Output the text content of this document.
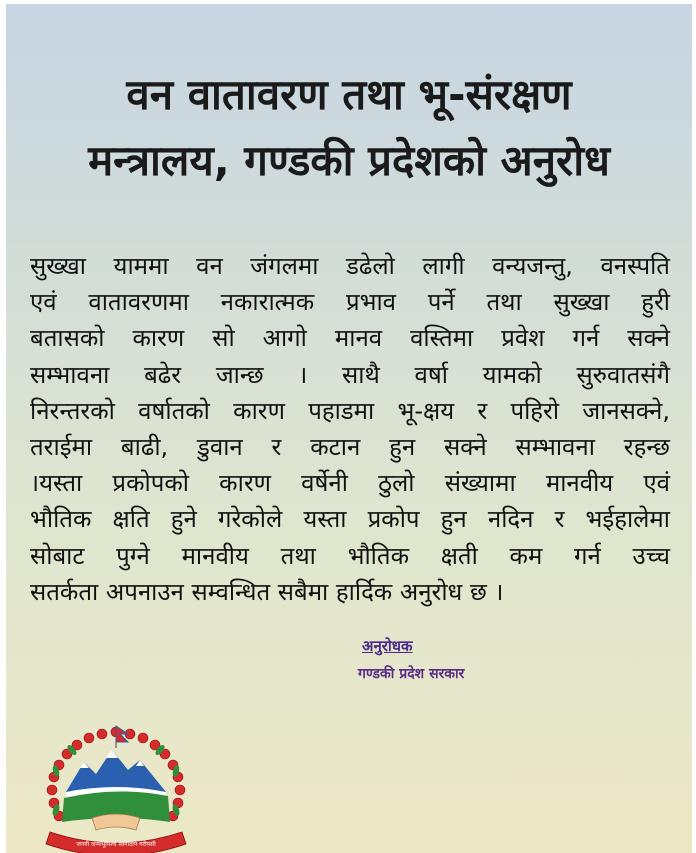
वन वातावरण तथा भू-संरक्षण
मन्त्रालय, गण्डकी प्रदेशको अनुरोध
सुख्खा याममा वन जंगलमा डढेलो लागी वन्यजन्तु, वनस्पति
एवं वातावरणमा नकारात्मक प्रभाव पर्ने तथा सुख्खा हुरी
बतासको कारण सो आगो मानव वस्तिमा प्रवेश गर्न सक्ने
सम्भावना बढेर जान्छ । साथै वर्षा यामको सुरुवातसंगै
निरन्तरको वर्षातको कारण पहाडमा भू-क्षय र पहिरो जानसक्ने,
तराईमा बाढी, डुवान र कटान हुन सक्ने सम्भावना रहन्छ
।यस्ता प्रकोपको कारण वर्षेनी ठुलो संख्यामा मानवीय एवं
भौतिक क्षति हुने गरेकोले यस्ता प्रकोप हुन नदिन र भईहालेमा
सोबाट पुग्ने मानवीय तथा भौतिक क्षती कम गर्न उच्च
सतर्कता अपनाउन सम्वन्धित सबैमा हार्दिक अनुरोध छ ।
अनुरोधक
गण्डकी प्रदेश सरकार
जननी जन्मभूमिश्च स्वर्गादपि गरीयसी
